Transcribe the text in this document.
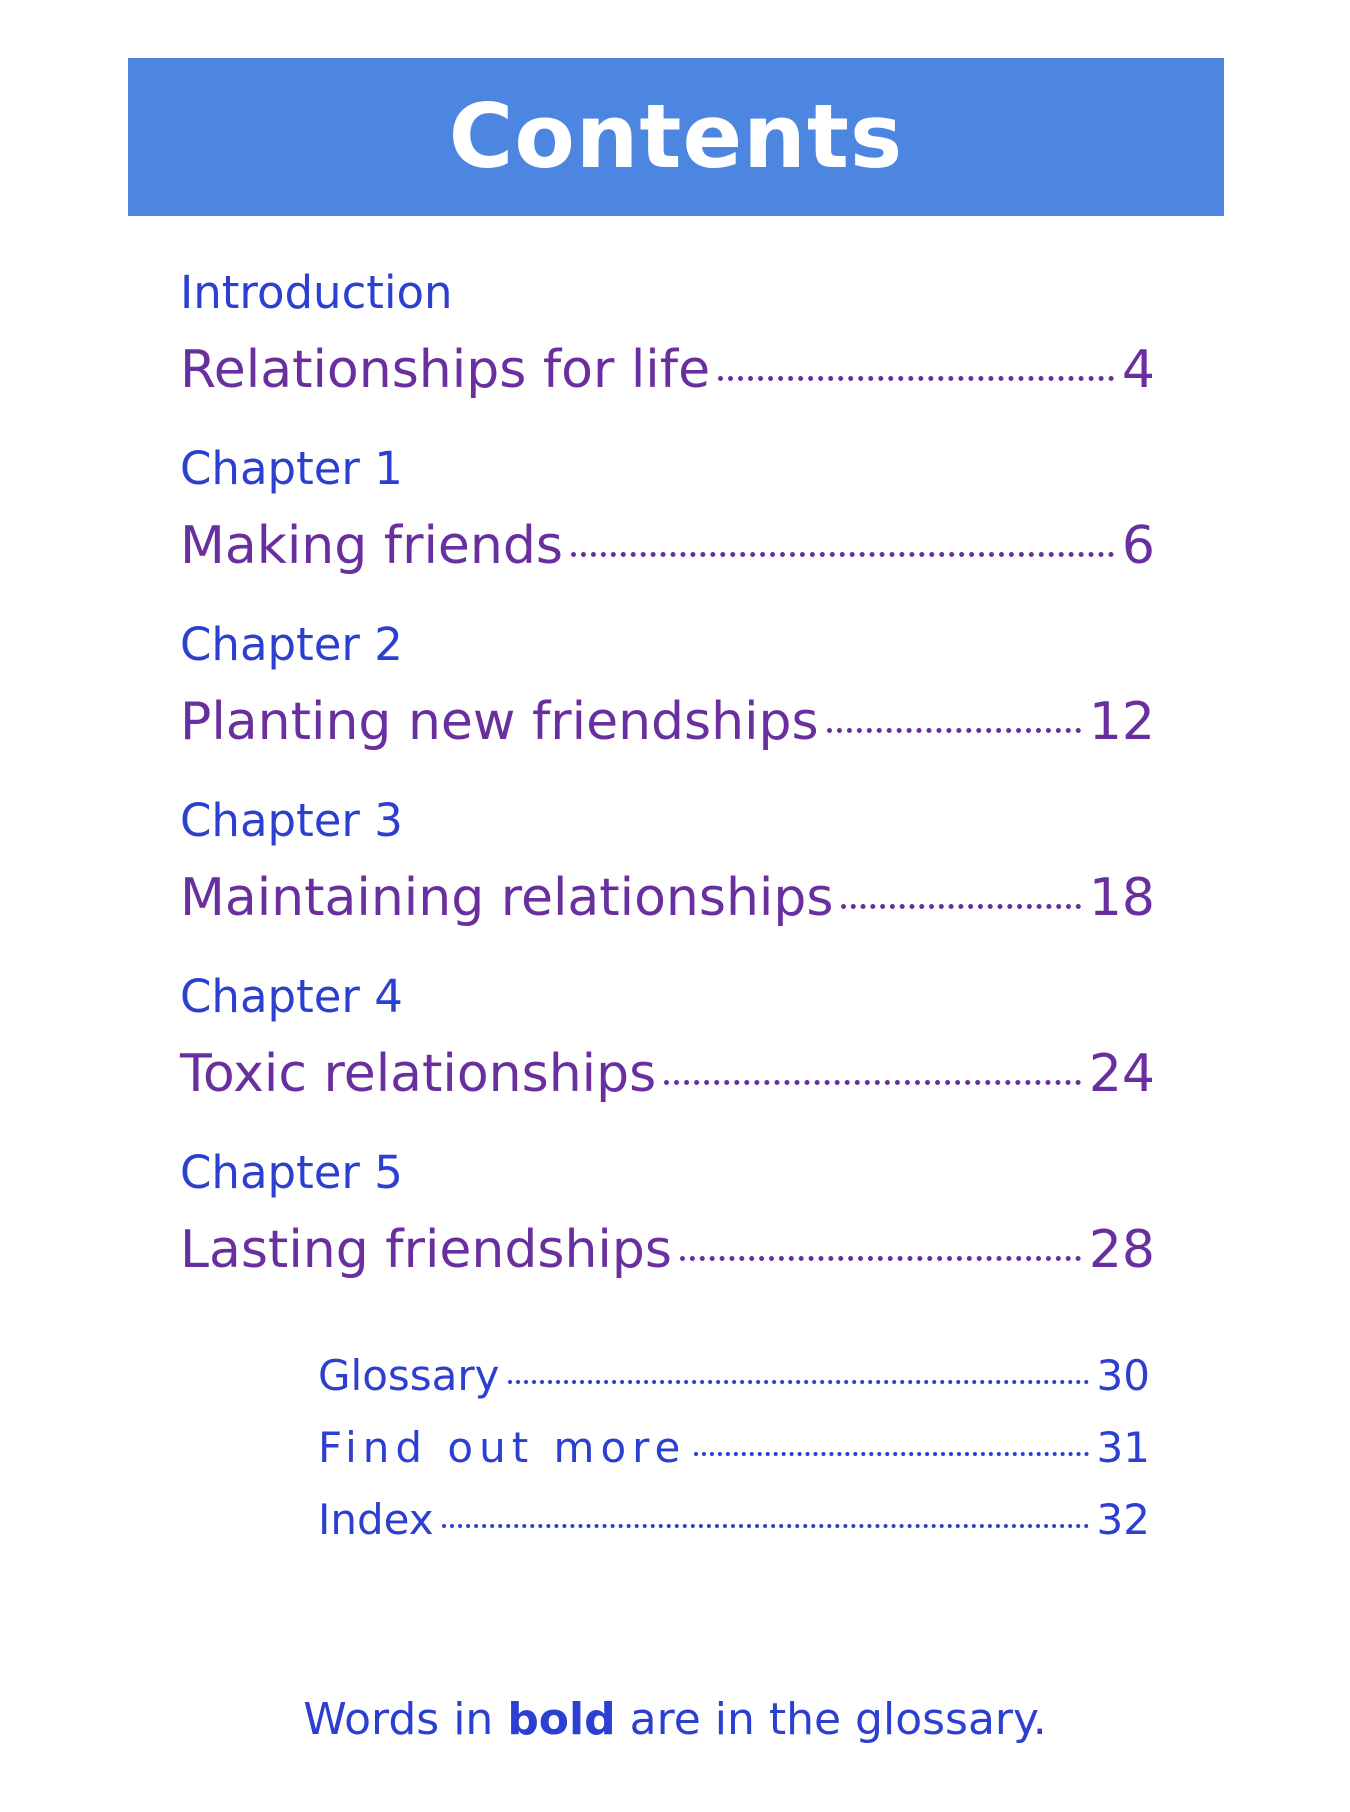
Contents
Introduction
Relationships for life	4
Chapter 1
Making friends	6
Chapter 2
Planting new friendships	12
Chapter 3
Maintaining relationships	18
Chapter 4
Toxic relationships	24
Chapter 5
Lasting friendships	28
Glossary	30
Find out more	31
Index	32
Words in bold are in the glossary.
